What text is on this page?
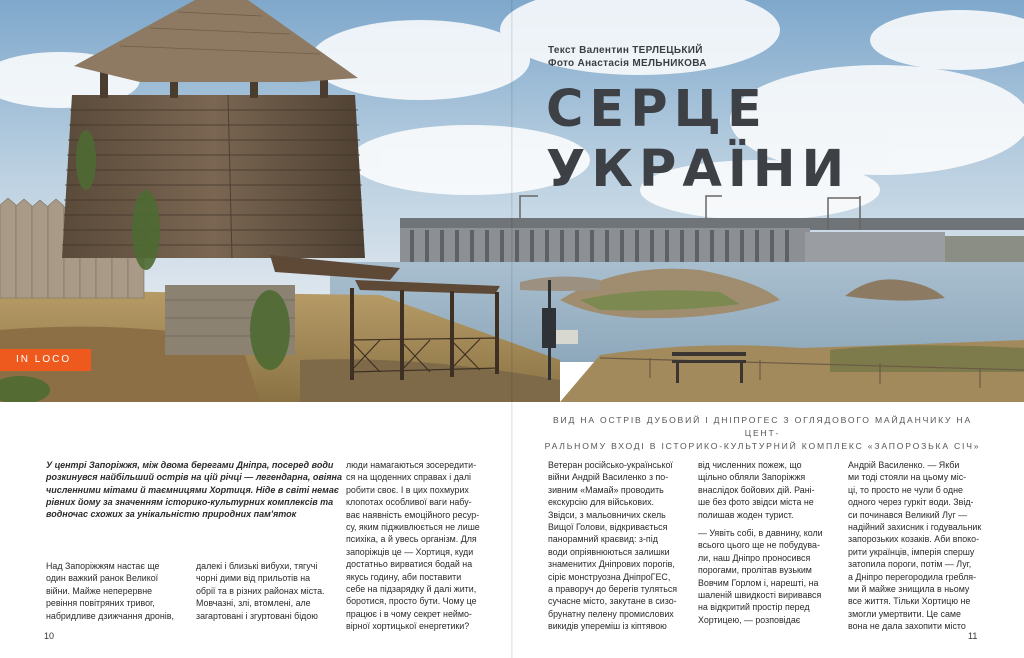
Текст Валентин ТЕРЛЕЦЬКИЙ
Фото Анастасія МЕЛЬНИКОВА
СЕРЦЕ
УКРАЇНИ
IN LOCO
ВИД НА ОСТРІВ ДУБОВИЙ І ДНІПРОГЕС З ОГЛЯДОВОГО МАЙДАНЧИКУ НА ЦЕНТ-
РАЛЬНОМУ ВХОДІ В ІСТОРИКО-КУЛЬТУРНИЙ КОМПЛЕКС «ЗАПОРОЗЬКА СІЧ»
У центрі Запоріжжя, між двома берегами Дніпра, посеред води
розкинувся найбільший острів на цій річці — легендарна, овіяна
численними мітами й таємницями Хортиця. Ніде в світі немає
рівних йому за значенням історико-культурних комплексів та
водночас схожих за унікальністю природних пам'яток
Над Запоріжжям настає ще
один важкий ранок Великої
війни. Майже неперервне
ревіння повітряних тривог,
набридливе дзижчання дронів,
далекі і близькі вибухи, тягучі
чорні дими від прильотів на
обрії та в різних районах міста.
Мовчазні, злі, втомлені, але
загартовані і згуртовані бідою
люди намагаються зосередити-
ся на щоденних справах і далі
робити своє. І в цих похмурих
клопотах особливої ваги набу-
ває наявність емоційного ресур-
су, яким підживлюється не лише
психіка, а й увесь організм. Для
запоріжців це — Хортиця, куди
достатньо вирватися бодай на
якусь годину, аби поставити
себе на підзарядку й далі жити,
боротися, просто бути. Чому це
працює і в чому секрет неймо-
вірної хортицької енергетики?
Ветеран російсько-української
війни Андрій Василенко з по-
зивним «Мамай» проводить
екскурсію для військових.
Звідси, з мальовничих скель
Вищої Голови, відкривається
панорамний краєвид: з-під
води опріявнюються залишки
знаменитих Дніпрових порогів,
сіріє монструозна ДніпроГЕС,
а праворуч до берегів туляться
сучасне місто, закутане в сизо-
брунатну пелену промислових
викидів упереміш із кіптявою
від численних пожеж, що
щільно обляли Запоріжжя
внаслідок бойових дій. Рані-
ше без фото звідси міста не
полишав жоден турист.
— Уявіть собі, в давнину, коли
всього цього ще не побудува-
ли, наш Дніпро проносився
порогами, пролітав вузьким
Вовчим Горлом і, нарешті, на
шаленій швидкості виривався
на відкритий простір перед
Хортицею, — розповідає
Андрій Василенко. — Якби
ми тоді стояли на цьому міс-
ці, то просто не чули б одне
одного через гуркіт води. Звід-
си починався Великий Луг —
надійний захисник і годувальник
запорозьких козаків. Аби впоко-
рити українців, імперія спершу
затопила пороги, потім — Луг,
а Дніпро перегородила гребля-
ми й майже знищила в ньому
все життя. Тільки Хортицю не
змогли умертвити. Це саме
вона не дала захопити місто
10	11
